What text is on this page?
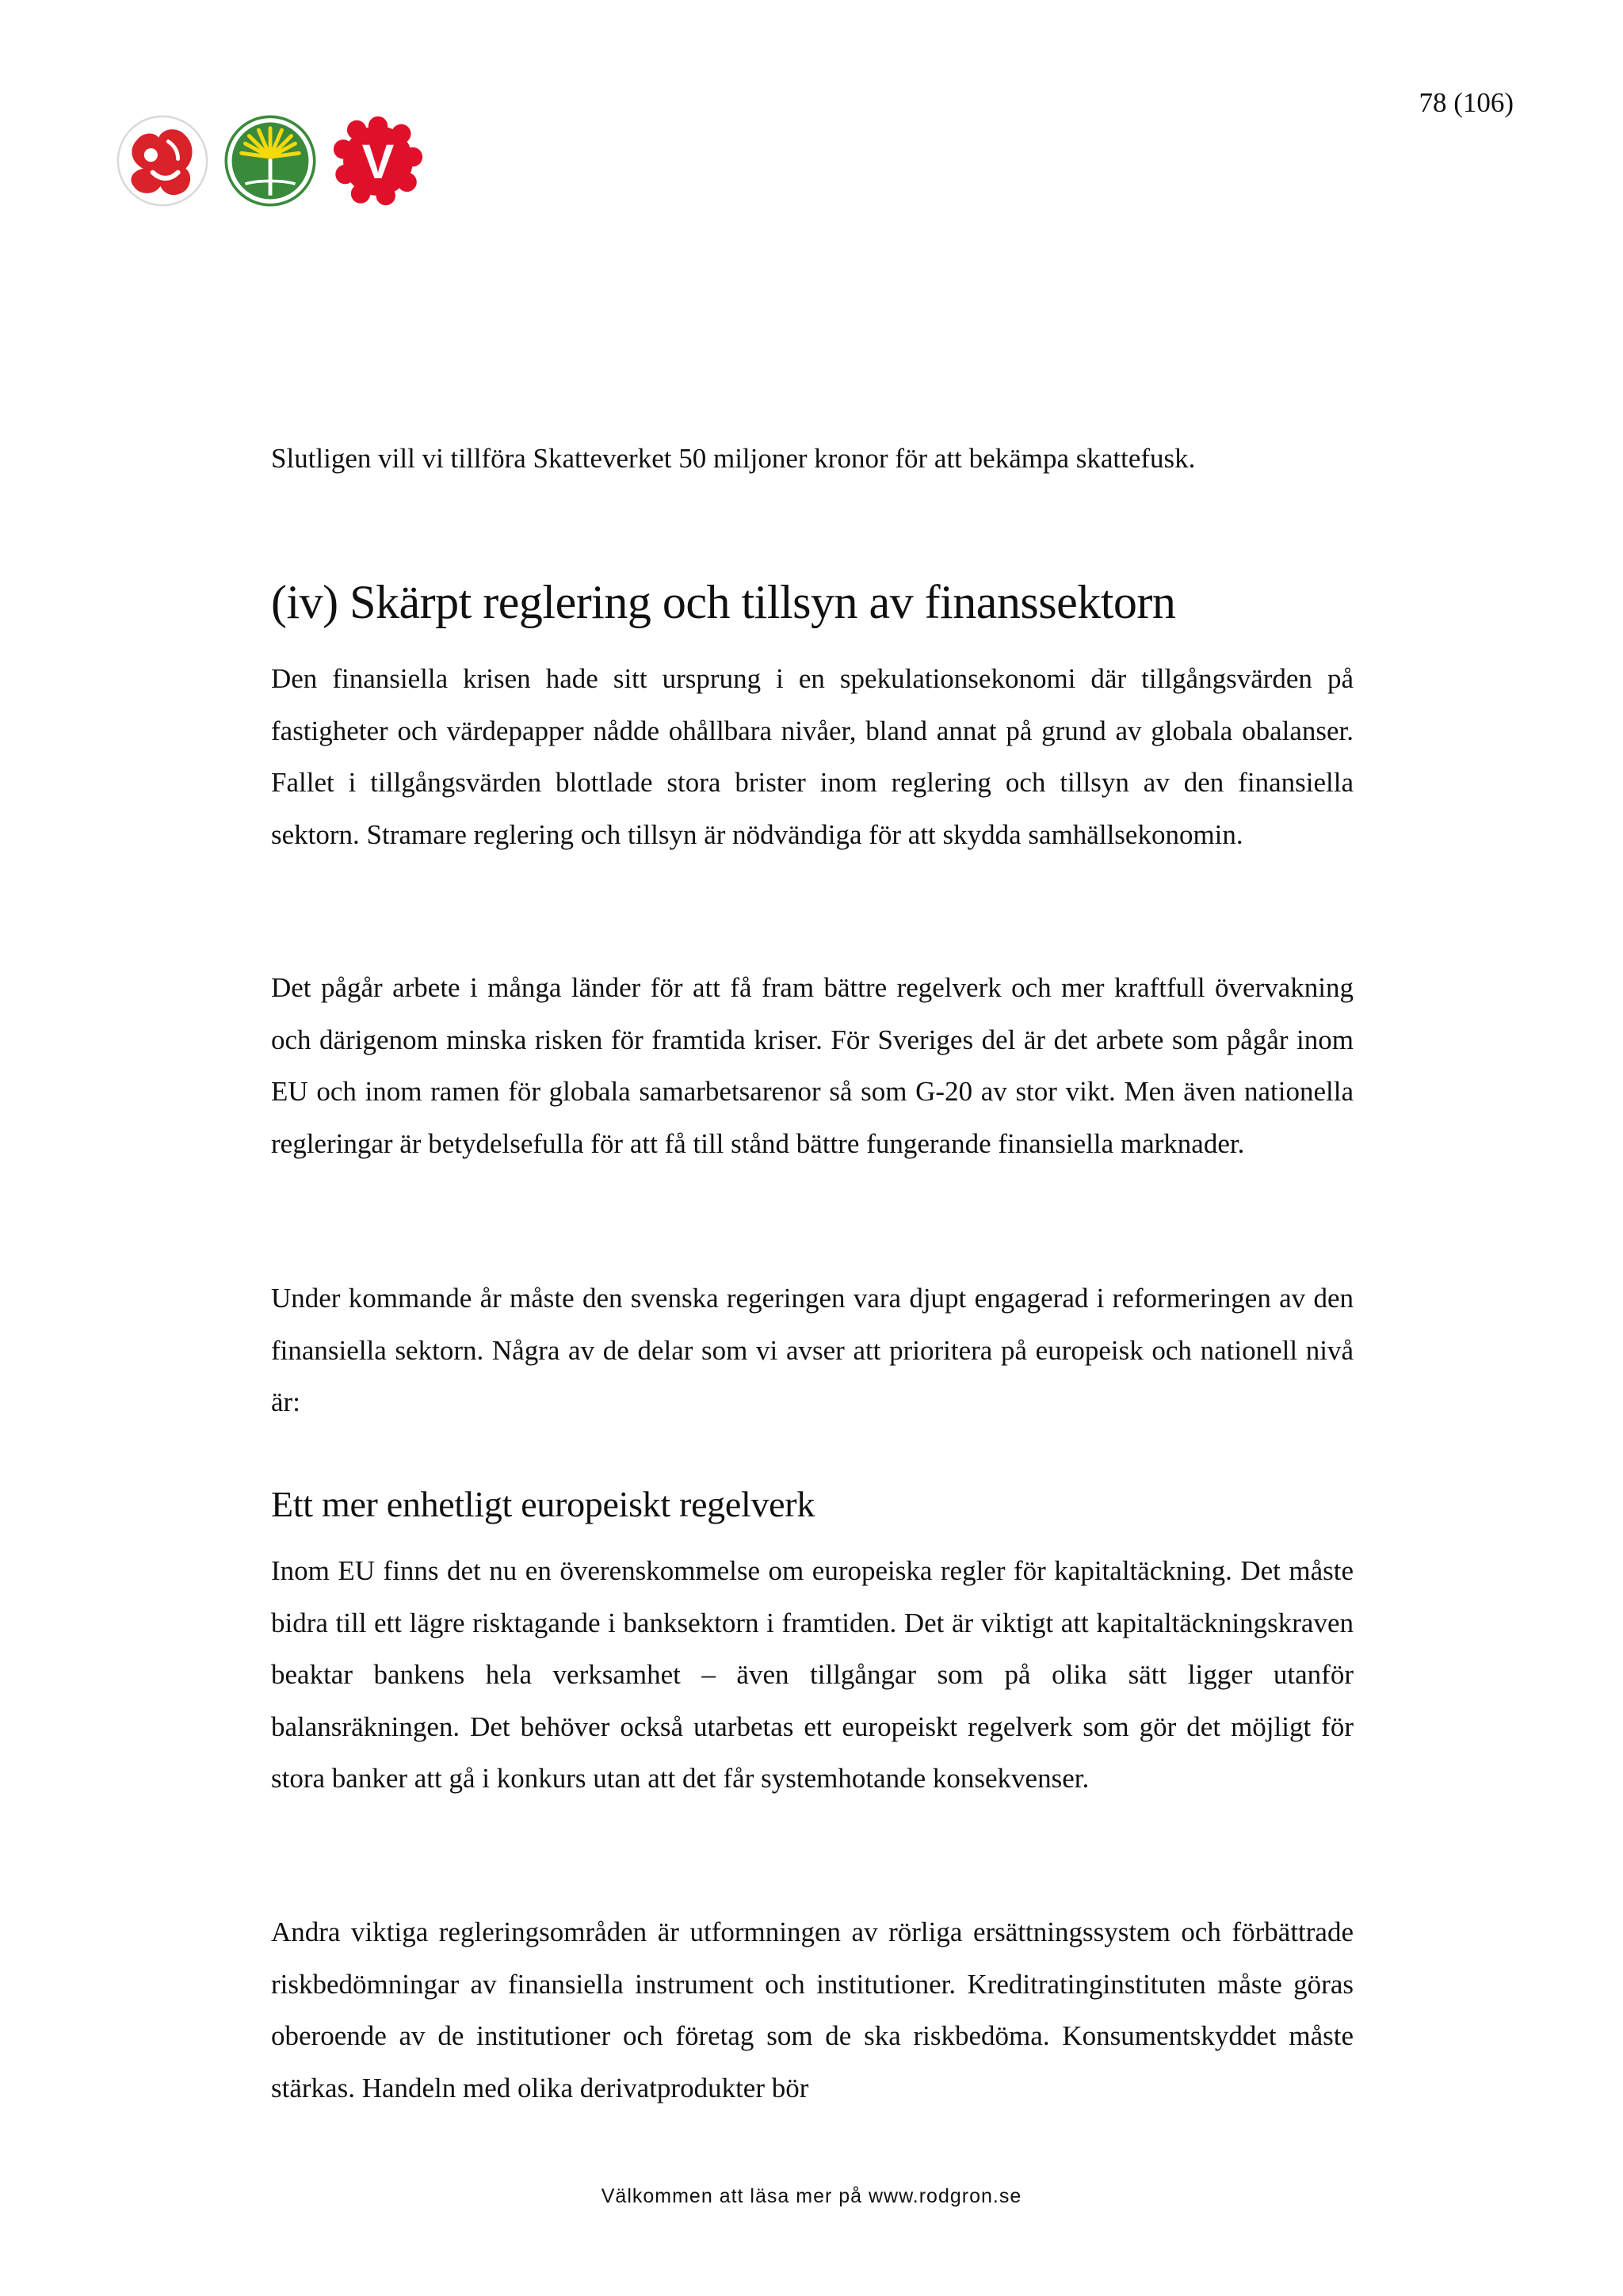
78 (106)
V

Slutligen vill vi tillföra Skatteverket 50 miljoner kronor för att bekämpa skattefusk.

(iv) Skärpt reglering och tillsyn av finanssektorn

Den finansiella krisen hade sitt ursprung i en spekulationsekonomi där tillgångsvärden på fastigheter och värdepapper nådde ohållbara nivåer, bland annat på grund av globala obalanser. Fallet i tillgångsvärden blottlade stora brister inom reglering och tillsyn av den finansiella sektorn. Stramare reglering och tillsyn är nödvändiga för att skydda samhällsekonomin.

Det pågår arbete i många länder för att få fram bättre regelverk och mer kraftfull övervakning och därigenom minska risken för framtida kriser. För Sveriges del är det arbete som pågår inom EU och inom ramen för globala samarbetsarenor så som G-20 av stor vikt. Men även nationella regleringar är betydelsefulla för att få till stånd bättre fungerande finansiella marknader.

Under kommande år måste den svenska regeringen vara djupt engagerad i reformeringen av den finansiella sektorn. Några av de delar som vi avser att prioritera på europeisk och nationell nivå är:

Ett mer enhetligt europeiskt regelverk

Inom EU finns det nu en överenskommelse om europeiska regler för kapitaltäckning. Det måste bidra till ett lägre risktagande i banksektorn i framtiden. Det är viktigt att kapitaltäckningskraven beaktar bankens hela verksamhet – även tillgångar som på olika sätt ligger utanför balansräkningen. Det behöver också utarbetas ett europeiskt regelverk som gör det möjligt för stora banker att gå i konkurs utan att det får systemhotande konsekvenser.

Andra viktiga regleringsområden är utformningen av rörliga ersättningssystem och förbättrade riskbedömningar av finansiella instrument och institutioner. Kreditratinginstituten måste göras oberoende av de institutioner och företag som de ska riskbedöma. Konsumentskyddet måste stärkas. Handeln med olika derivatprodukter bör

Välkommen att läsa mer på www.rodgron.se
